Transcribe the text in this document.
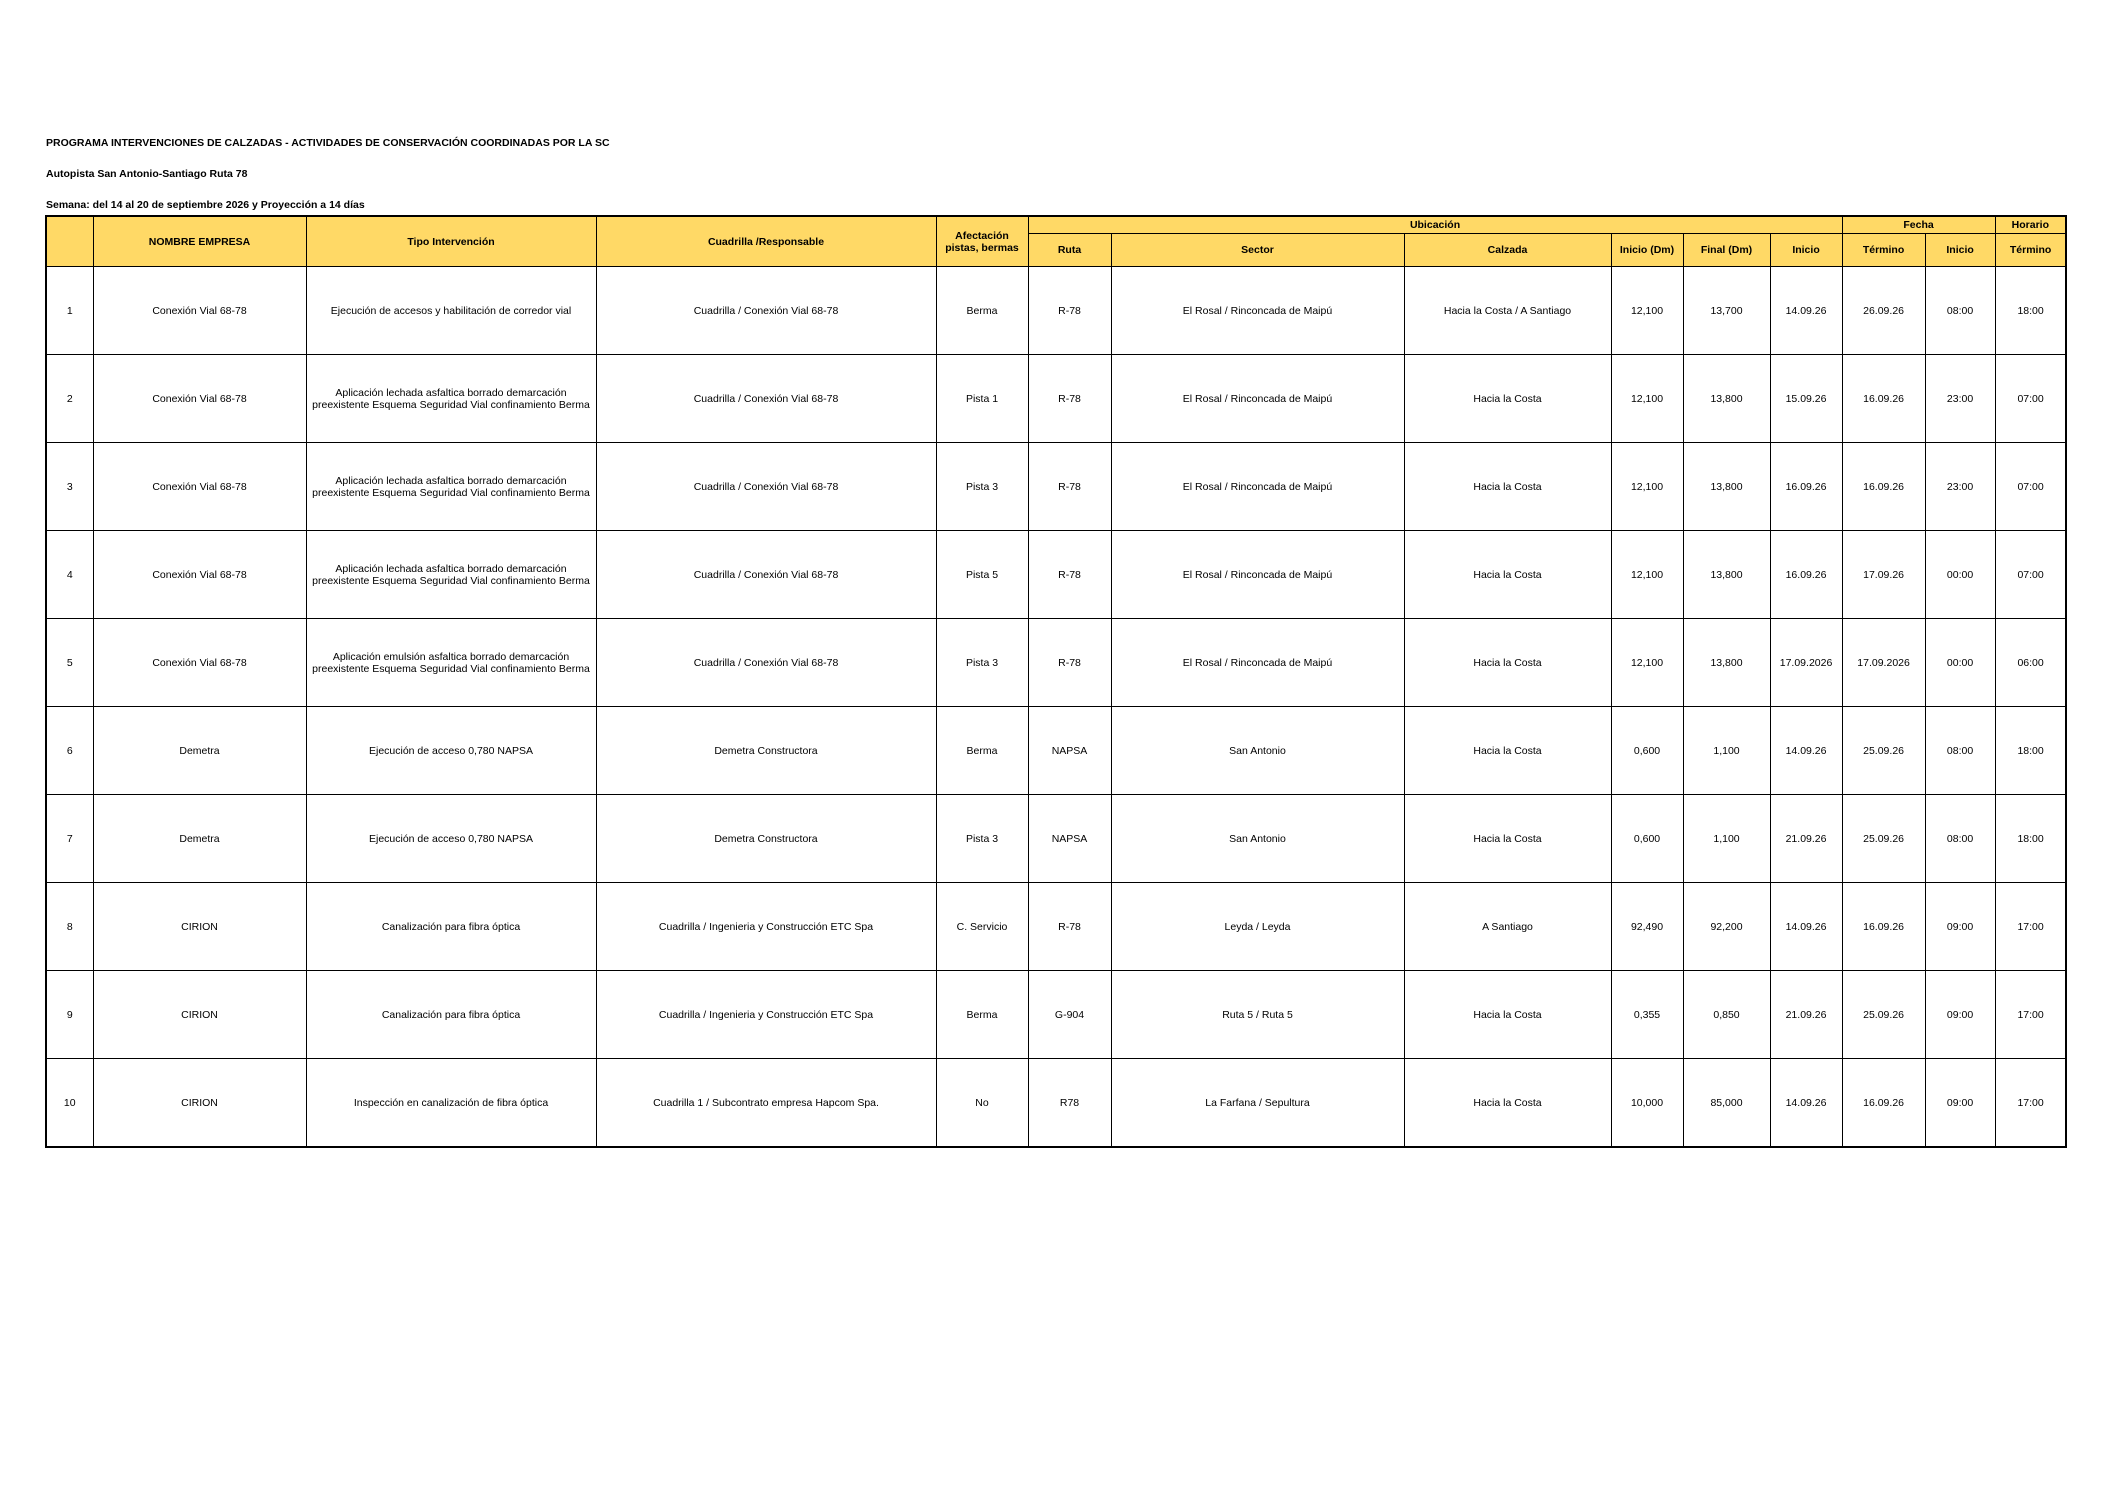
PROGRAMA INTERVENCIONES DE CALZADAS - ACTIVIDADES DE CONSERVACIÓN COORDINADAS POR LA SC
Autopista San Antonio-Santiago Ruta 78
Semana: del 14 al 20 de septiembre 2026 y Proyección a 14 días
	NOMBRE EMPRESA	Tipo Intervención	Cuadrilla /Responsable	Afectación pistas, bermas	Ubicación						Fecha		Horario
					Ruta	Sector	Calzada	Inicio (Dm)	Final (Dm)	Inicio	Término	Inicio	Término
1	Conexión Vial 68-78	Ejecución de accesos y habilitación de corredor vial	Cuadrilla / Conexión Vial 68-78	Berma	R-78	El Rosal / Rinconcada de Maipú	Hacia la Costa / A Santiago	12,100	13,700	14.09.26	26.09.26	08:00	18:00
2	Conexión Vial 68-78	Aplicación lechada asfaltica borrado demarcación preexistente Esquema Seguridad Vial confinamiento Berma	Cuadrilla / Conexión Vial 68-78	Pista 1	R-78	El Rosal / Rinconcada de Maipú	Hacia la Costa	12,100	13,800	15.09.26	16.09.26	23:00	07:00
3	Conexión Vial 68-78	Aplicación lechada asfaltica borrado demarcación preexistente Esquema Seguridad Vial confinamiento Berma	Cuadrilla / Conexión Vial 68-78	Pista 3	R-78	El Rosal / Rinconcada de Maipú	Hacia la Costa	12,100	13,800	16.09.26	16.09.26	23:00	07:00
4	Conexión Vial 68-78	Aplicación lechada asfaltica borrado demarcación preexistente Esquema Seguridad Vial confinamiento Berma	Cuadrilla / Conexión Vial 68-78	Pista 5	R-78	El Rosal / Rinconcada de Maipú	Hacia la Costa	12,100	13,800	16.09.26	17.09.26	00:00	07:00
5	Conexión Vial 68-78	Aplicación emulsión asfaltica borrado demarcación preexistente Esquema Seguridad Vial confinamiento Berma	Cuadrilla / Conexión Vial 68-78	Pista 3	R-78	El Rosal / Rinconcada de Maipú	Hacia la Costa	12,100	13,800	17.09.2026	17.09.2026	00:00	06:00
6	Demetra	Ejecución de acceso 0,780 NAPSA	Demetra Constructora	Berma	NAPSA	San Antonio	Hacia la Costa	0,600	1,100	14.09.26	25.09.26	08:00	18:00
7	Demetra	Ejecución de acceso 0,780 NAPSA	Demetra Constructora	Pista 3	NAPSA	San Antonio	Hacia la Costa	0,600	1,100	21.09.26	25.09.26	08:00	18:00
8	CIRION	Canalización para fibra óptica	Cuadrilla / Ingenieria y Construcción ETC Spa	C. Servicio	R-78	Leyda / Leyda	A Santiago	92,490	92,200	14.09.26	16.09.26	09:00	17:00
9	CIRION	Canalización para fibra óptica	Cuadrilla / Ingenieria y Construcción ETC Spa	Berma	G-904	Ruta 5 / Ruta 5	Hacia la Costa	0,355	0,850	21.09.26	25.09.26	09:00	17:00
10	CIRION	Inspección en canalización de fibra óptica	Cuadrilla 1 / Subcontrato empresa Hapcom Spa.	No	R78	La Farfana / Sepultura	Hacia la Costa	10,000	85,000	14.09.26	16.09.26	09:00	17:00
